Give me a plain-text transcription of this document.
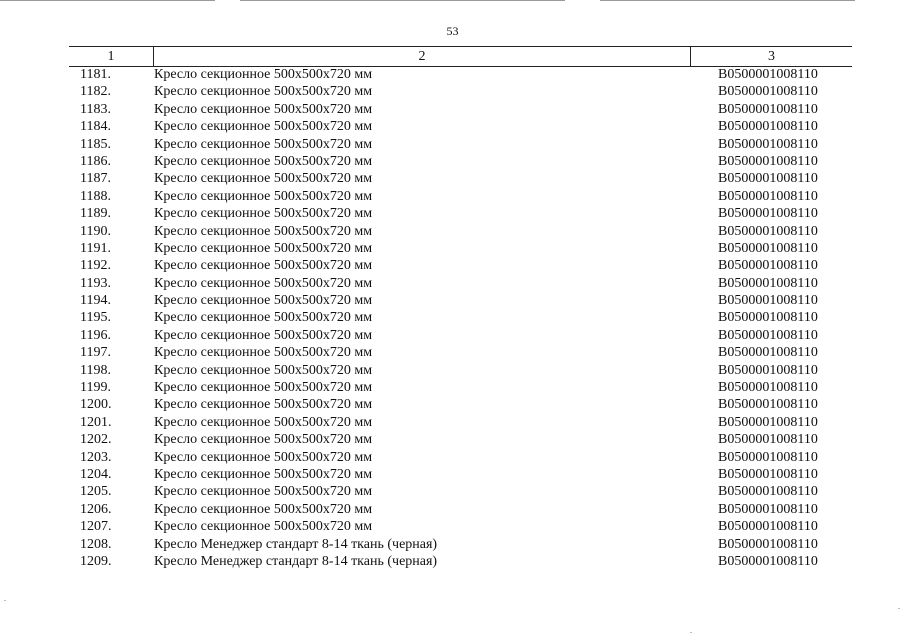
53
1	2	3
1181.	Кресло секционное 500х500х720 мм	В0500001008110
1182.	Кресло секционное 500х500х720 мм	В0500001008110
1183.	Кресло секционное 500х500х720 мм	В0500001008110
1184.	Кресло секционное 500х500х720 мм	В0500001008110
1185.	Кресло секционное 500х500х720 мм	В0500001008110
1186.	Кресло секционное 500х500х720 мм	В0500001008110
1187.	Кресло секционное 500х500х720 мм	В0500001008110
1188.	Кресло секционное 500х500х720 мм	В0500001008110
1189.	Кресло секционное 500х500х720 мм	В0500001008110
1190.	Кресло секционное 500х500х720 мм	В0500001008110
1191.	Кресло секционное 500х500х720 мм	В0500001008110
1192.	Кресло секционное 500х500х720 мм	В0500001008110
1193.	Кресло секционное 500х500х720 мм	В0500001008110
1194.	Кресло секционное 500х500х720 мм	В0500001008110
1195.	Кресло секционное 500х500х720 мм	В0500001008110
1196.	Кресло секционное 500х500х720 мм	В0500001008110
1197.	Кресло секционное 500х500х720 мм	В0500001008110
1198.	Кресло секционное 500х500х720 мм	В0500001008110
1199.	Кресло секционное 500х500х720 мм	В0500001008110
1200.	Кресло секционное 500х500х720 мм	В0500001008110
1201.	Кресло секционное 500х500х720 мм	В0500001008110
1202.	Кресло секционное 500х500х720 мм	В0500001008110
1203.	Кресло секционное 500х500х720 мм	В0500001008110
1204.	Кресло секционное 500х500х720 мм	В0500001008110
1205.	Кресло секционное 500х500х720 мм	В0500001008110
1206.	Кресло секционное 500х500х720 мм	В0500001008110
1207.	Кресло секционное 500х500х720 мм	В0500001008110
1208.	Кресло Менеджер стандарт 8-14 ткань (черная)	В0500001008110
1209.	Кресло Менеджер стандарт 8-14 ткань (черная)	В0500001008110
